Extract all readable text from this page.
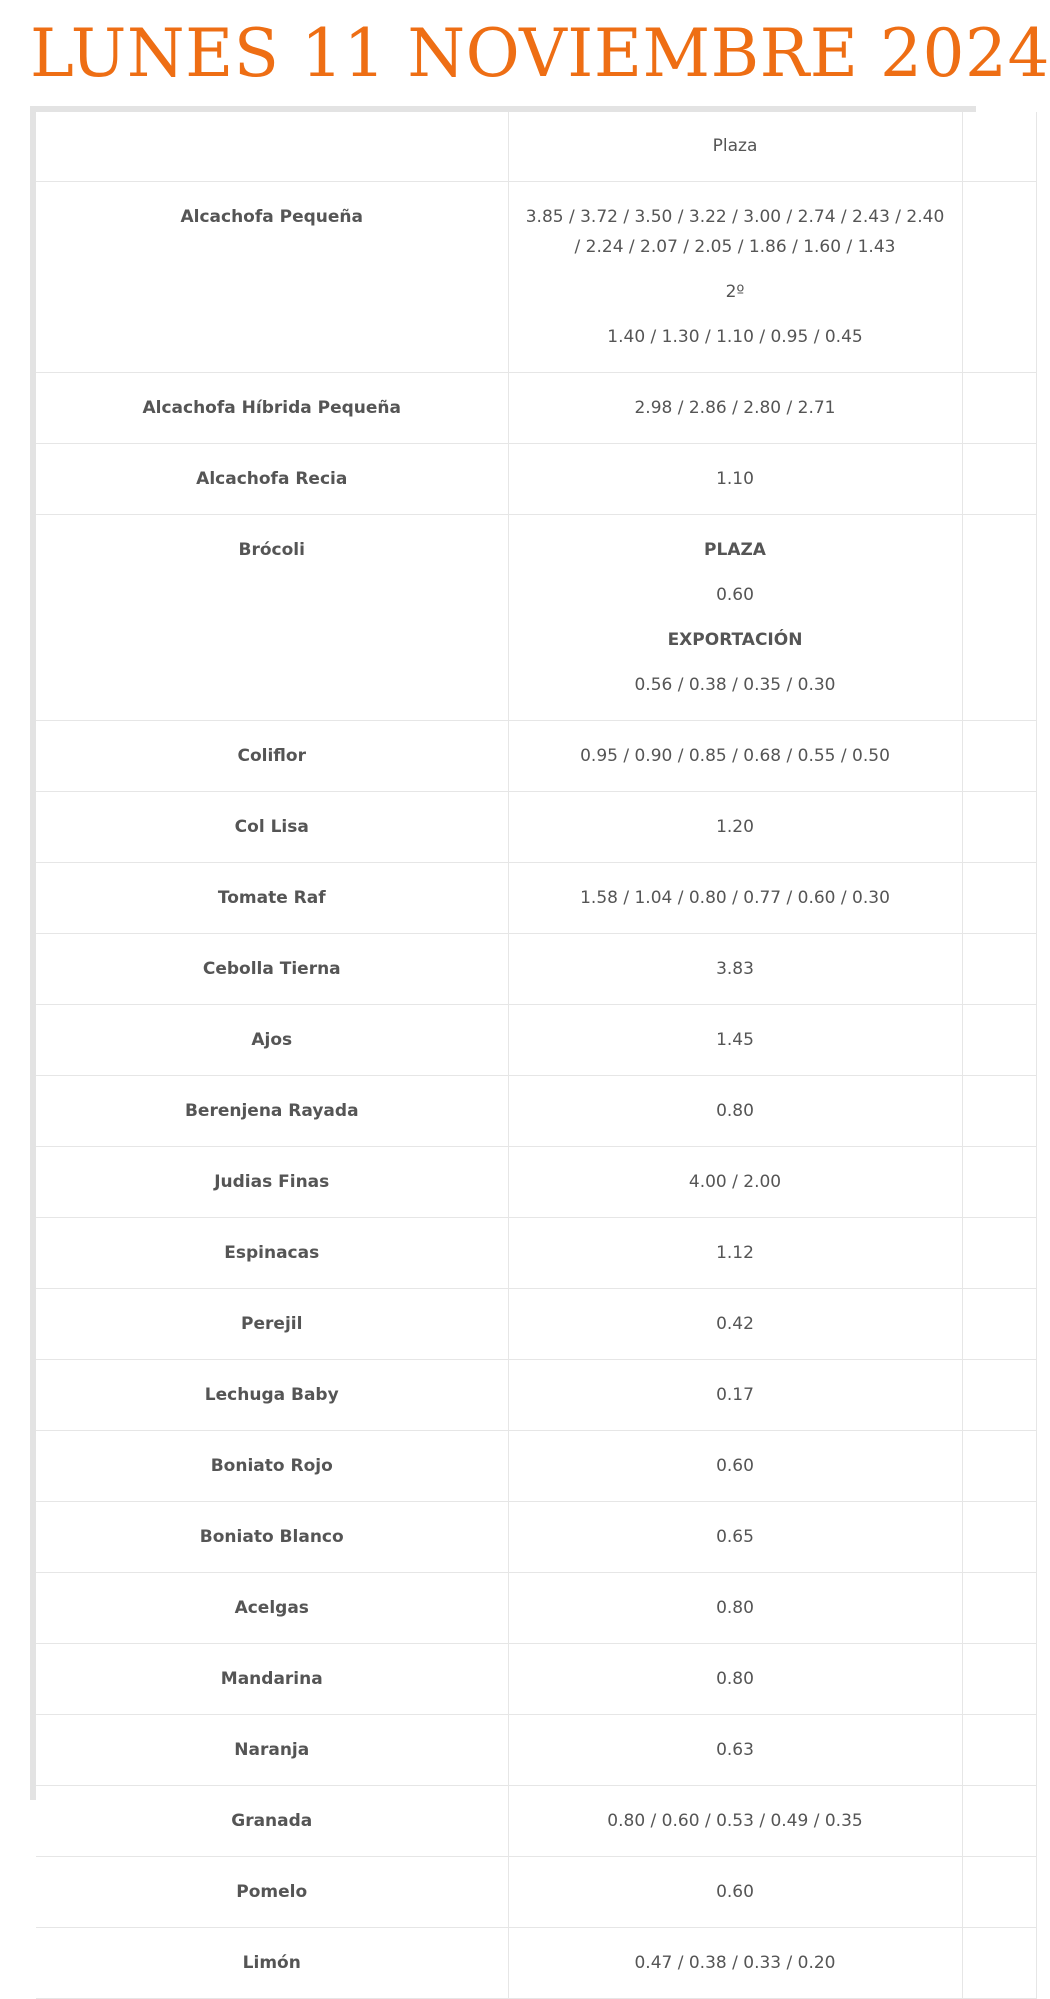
LUNES 11 NOVIEMBRE 2024
	Plaza	
Alcachofa Pequeña	3.85 / 3.72 / 3.50 / 3.22 / 3.00 / 2.74 / 2.43 / 2.40
/ 2.24 / 2.07 / 2.05 / 1.86 / 1.60 / 1.43
2º
1.40 / 1.30 / 1.10 / 0.95 / 0.45	

Alcachofa Híbrida Pequeña	2.98 / 2.86 / 2.80 / 2.71	
Alcachofa Recia	1.10	
Brócoli	PLAZA
0.60
EXPORTACIÓN
0.56 / 0.38 / 0.35 / 0.30	

Coliflor	0.95 / 0.90 / 0.85 / 0.68 / 0.55 / 0.50	
Col Lisa	1.20	
Tomate Raf	1.58 / 1.04 / 0.80 / 0.77 / 0.60 / 0.30	
Cebolla Tierna	3.83	
Ajos	1.45	
Berenjena Rayada	0.80	
Judias Finas	4.00 / 2.00	
Espinacas	1.12	
Perejil	0.42	
Lechuga Baby	0.17	
Boniato Rojo	0.60	
Boniato Blanco	0.65	
Acelgas	0.80	
Mandarina	0.80	
Naranja	0.63	
Granada	0.80 / 0.60 / 0.53 / 0.49 / 0.35	
Pomelo	0.60	
Limón	0.47 / 0.38 / 0.33 / 0.20	
